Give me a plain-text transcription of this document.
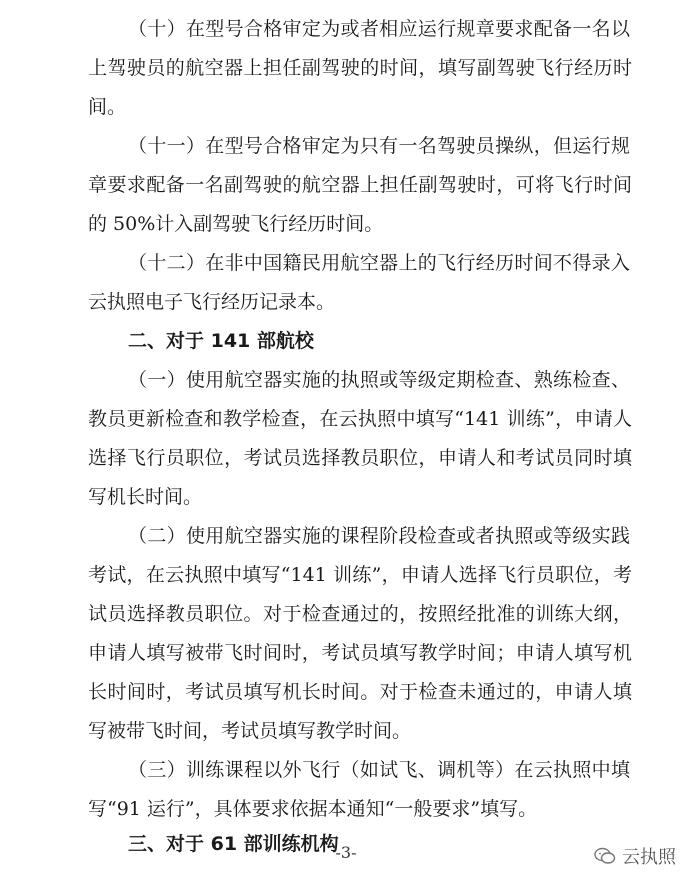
（十）在型号合格审定为或者相应运行规章要求配备一名以

上驾驶员的航空器上担任副驾驶的时间，填写副驾驶飞行经历时

间。

（十一）在型号合格审定为只有一名驾驶员操纵，但运行规

章要求配备一名副驾驶的航空器上担任副驾驶时，可将飞行时间

的 50%计入副驾驶飞行经历时间。

（十二）在非中国籍民用航空器上的飞行经历时间不得录入

云执照电子飞行经历记录本。

二、对于 141 部航校

（一）使用航空器实施的执照或等级定期检查、熟练检查、

教员更新检查和教学检查，在云执照中填写“141 训练”，申请人

选择飞行员职位，考试员选择教员职位，申请人和考试员同时填

写机长时间。

（二）使用航空器实施的课程阶段检查或者执照或等级实践

考试，在云执照中填写“141 训练”，申请人选择飞行员职位，考

试员选择教员职位。对于检查通过的，按照经批准的训练大纲，

申请人填写被带飞时间时，考试员填写教学时间；申请人填写机

长时间时，考试员填写机长时间。对于检查未通过的，申请人填

写被带飞时间，考试员填写教学时间。

（三）训练课程以外飞行（如试飞、调机等）在云执照中填

写“91 运行”，具体要求依据本通知“一般要求”填写。

三、对于 61 部训练机构

-3-	云执照
